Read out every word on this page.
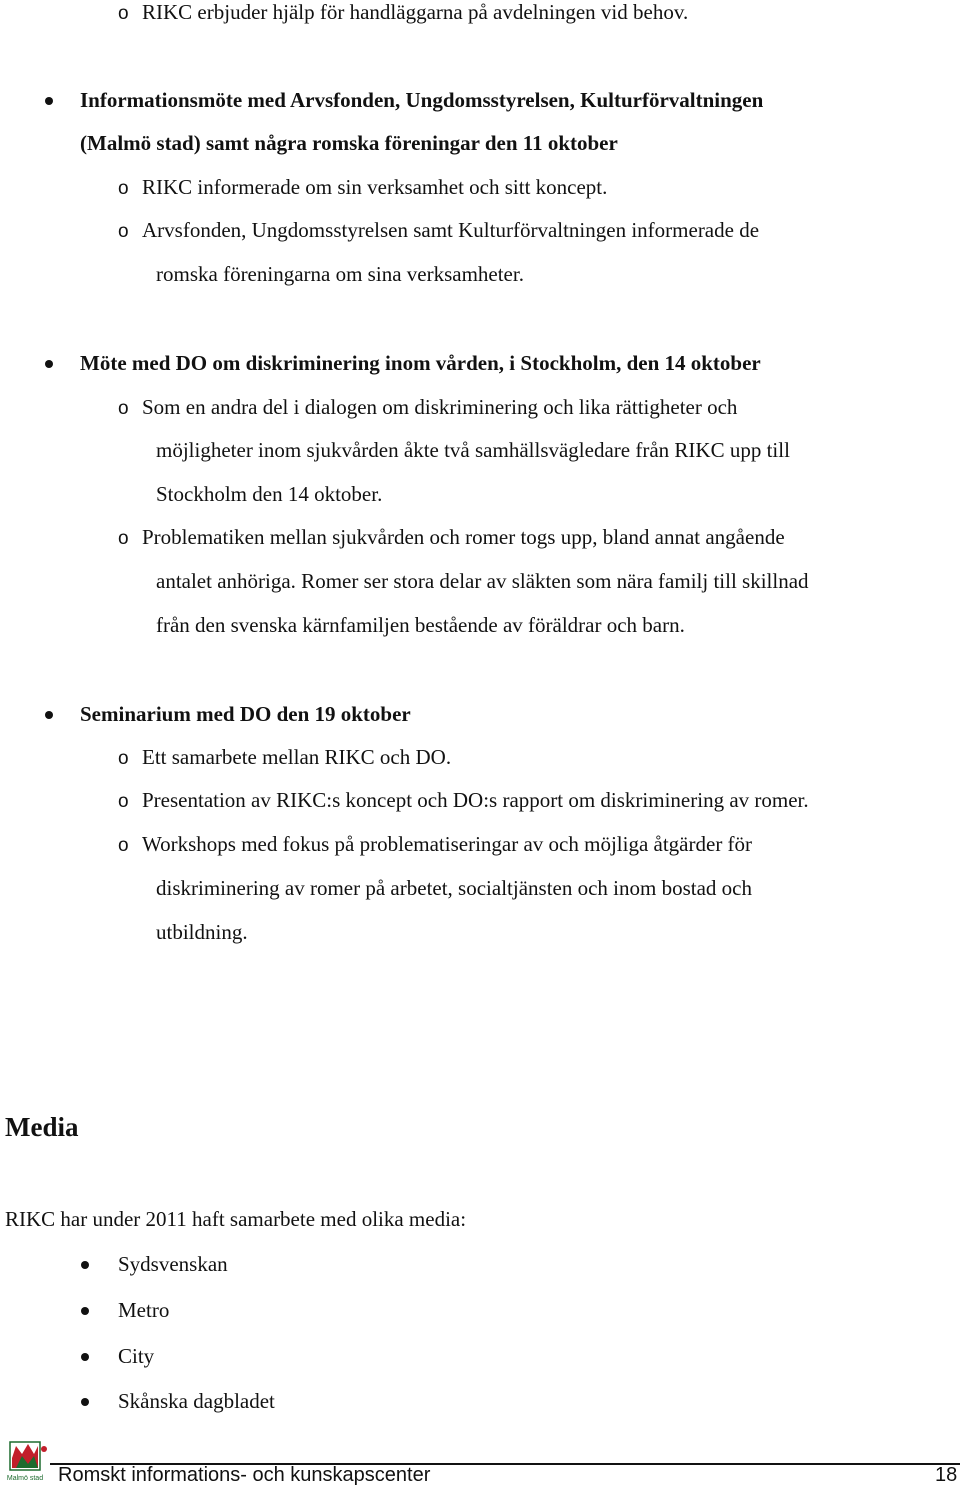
o RIKC erbjuder hjälp för handläggarna på avdelningen vid behov.
Informationsmöte med Arvsfonden, Ungdomsstyrelsen, Kulturförvaltningen
(Malmö stad) samt några romska föreningar den 11 oktober
o RIKC informerade om sin verksamhet och sitt koncept.
o Arvsfonden, Ungdomsstyrelsen samt Kulturförvaltningen informerade de
romska föreningarna om sina verksamheter.
Möte med DO om diskriminering inom vården, i Stockholm, den 14 oktober
o Som en andra del i dialogen om diskriminering och lika rättigheter och
möjligheter inom sjukvården åkte två samhällsvägledare från RIKC upp till
Stockholm den 14 oktober.
o Problematiken mellan sjukvården och romer togs upp, bland annat angående
antalet anhöriga. Romer ser stora delar av släkten som nära familj till skillnad
från den svenska kärnfamiljen bestående av föräldrar och barn.
Seminarium med DO den 19 oktober
o Ett samarbete mellan RIKC och DO.
o Presentation av RIKC:s koncept och DO:s rapport om diskriminering av romer.
o Workshops med fokus på problematiseringar av och möjliga åtgärder för
diskriminering av romer på arbetet, socialtjänsten och inom bostad och
utbildning.
Media
RIKC har under 2011 haft samarbete med olika media:
Sydsvenskan
Metro
City
Skånska dagbladet
Malmö stad Romskt informations- och kunskapscenter	18
